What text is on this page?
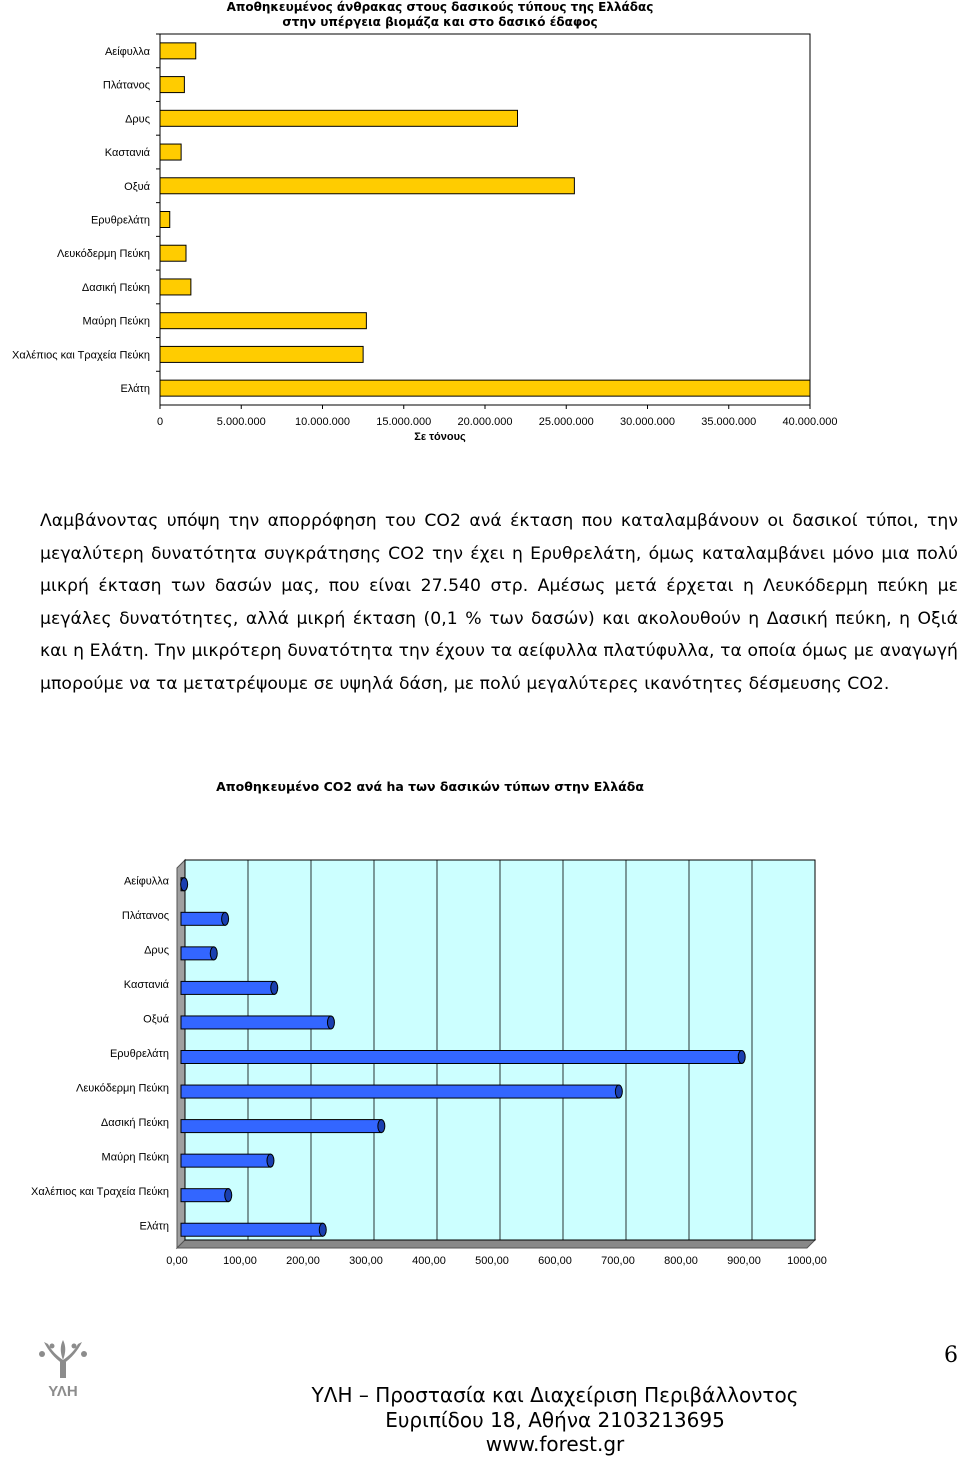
Αποθηκευμένος άνθρακας στους δασικούς τύπους της Ελλάδας
στην υπέργεια βιομάζα και στο δασικό έδαφος
Αείφυλλα
Πλάτανος
Δρυς
Καστανιά
Οξυά
Ερυθρελάτη
Λευκόδερμη Πεύκη
Δασική Πεύκη
Μαύρη Πεύκη
Χαλέπιος και Τραχεία Πεύκη
Ελάτη
0	5.000.000	10.000.000 15.000.000 20.000.000 25.000.000 30.000.000 35.000.000 40.000.000
Σε τόνους
Λαμβάνοντας υπόψη την απορρόφηση του CO2 ανά έκταση που καταλαμβάνουν οι δασικοί τύποι, την μεγαλύτερη δυνατότητα συγκράτησης CO2 την έχει η Ερυθρελάτη, όμως καταλαμβάνει μόνο μια πολύ μικρή έκταση των δασών μας, που είναι 27.540 στρ. Αμέσως μετά έρχεται η Λευκόδερμη πεύκη με μεγάλες δυνατότητες, αλλά μικρή έκταση (0,1 % των δασών) και ακολουθούν η Δασική πεύκη, η Οξιά και η Ελάτη. Την μικρότερη δυνατότητα την έχουν τα αείφυλλα πλατύφυλλα, τα οποία όμως με αναγωγή μπορούμε να τα μετατρέψουμε σε υψηλά δάση, με πολύ μεγαλύτερες ικανότητες δέσμευσης CO2.
Αποθηκευμένο CO2 ανά ha των δασικών τύπων στην Ελλάδα
Αείφυλλα
Πλάτανος
Δρυς
Καστανιά
Οξυά
Ερυθρελάτη
Λευκόδερμη Πεύκη
Δασική Πεύκη
Μαύρη Πεύκη
Χαλέπιος και Τραχεία Πεύκη
Ελάτη
0,00	100,00	200,00	300,00	400,00	500,00	600,00	700,00	800,00	900,00 1000,00
ΥΛΗ
6
ΥΛΗ – Προστασία και Διαχείριση Περιβάλλοντος
Ευριπίδου 18, Αθήνα 2103213695
www.forest.gr
